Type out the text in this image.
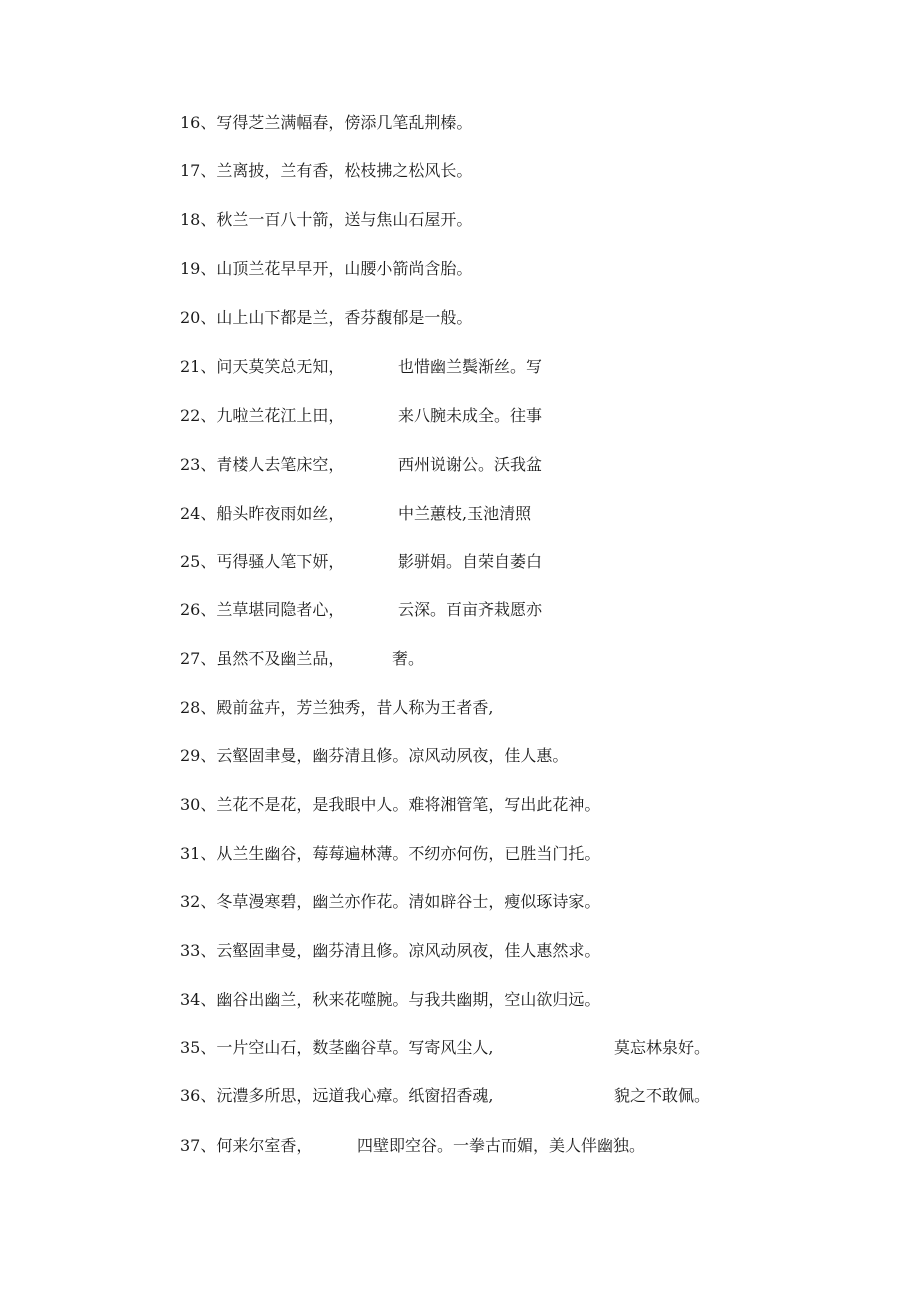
16、写得芝兰满幅春，傍添几笔乱荆榛。
17、兰离披，兰有香，松枝拂之松风长。
18、秋兰一百八十箭，送与焦山石屋开。
19、山顶兰花早早开，山腰小箭尚含胎。
20、山上山下都是兰，香芬馥郁是一般。
21、问天莫笑总无知，	也惜幽兰鬓渐丝。写
22、九啦兰花江上田，	来八腕未成全。往事
23、青楼人去笔床空，	西州说谢公。沃我盆
24、船头昨夜雨如丝，	中兰蕙枝,玉池清照
25、丐得骚人笔下妍，	影骈娟。自荣自萎白
26、兰草堪同隐者心，	云深。百亩齐栽愿亦
27、虽然不及幽兰品，	奢。
28、殿前盆卉，芳兰独秀，昔人称为王者香,
29、云壑固聿曼，幽芬清且修。凉风动夙夜，佳人惠。
30、兰花不是花，是我眼中人。难将湘管笔，写出此花神。
31、从兰生幽谷，莓莓遍林薄。不纫亦何伤，已胜当门托。
32、冬草漫寒碧，幽兰亦作花。清如辟谷士，瘦似琢诗家。
33、云壑固聿曼，幽芬清且修。凉风动夙夜，佳人惠然求。
34、幽谷出幽兰，秋来花噬腕。与我共幽期，空山欲归远。
35、一片空山石，数茎幽谷草。写寄风尘人,	莫忘林泉好。
36、沅澧多所思，远道我心瘴。纸窗招香魂,	貌之不敢佩。
37、何来尔室香，	四壁即空谷。一拳古而媚，美人伴幽独。
